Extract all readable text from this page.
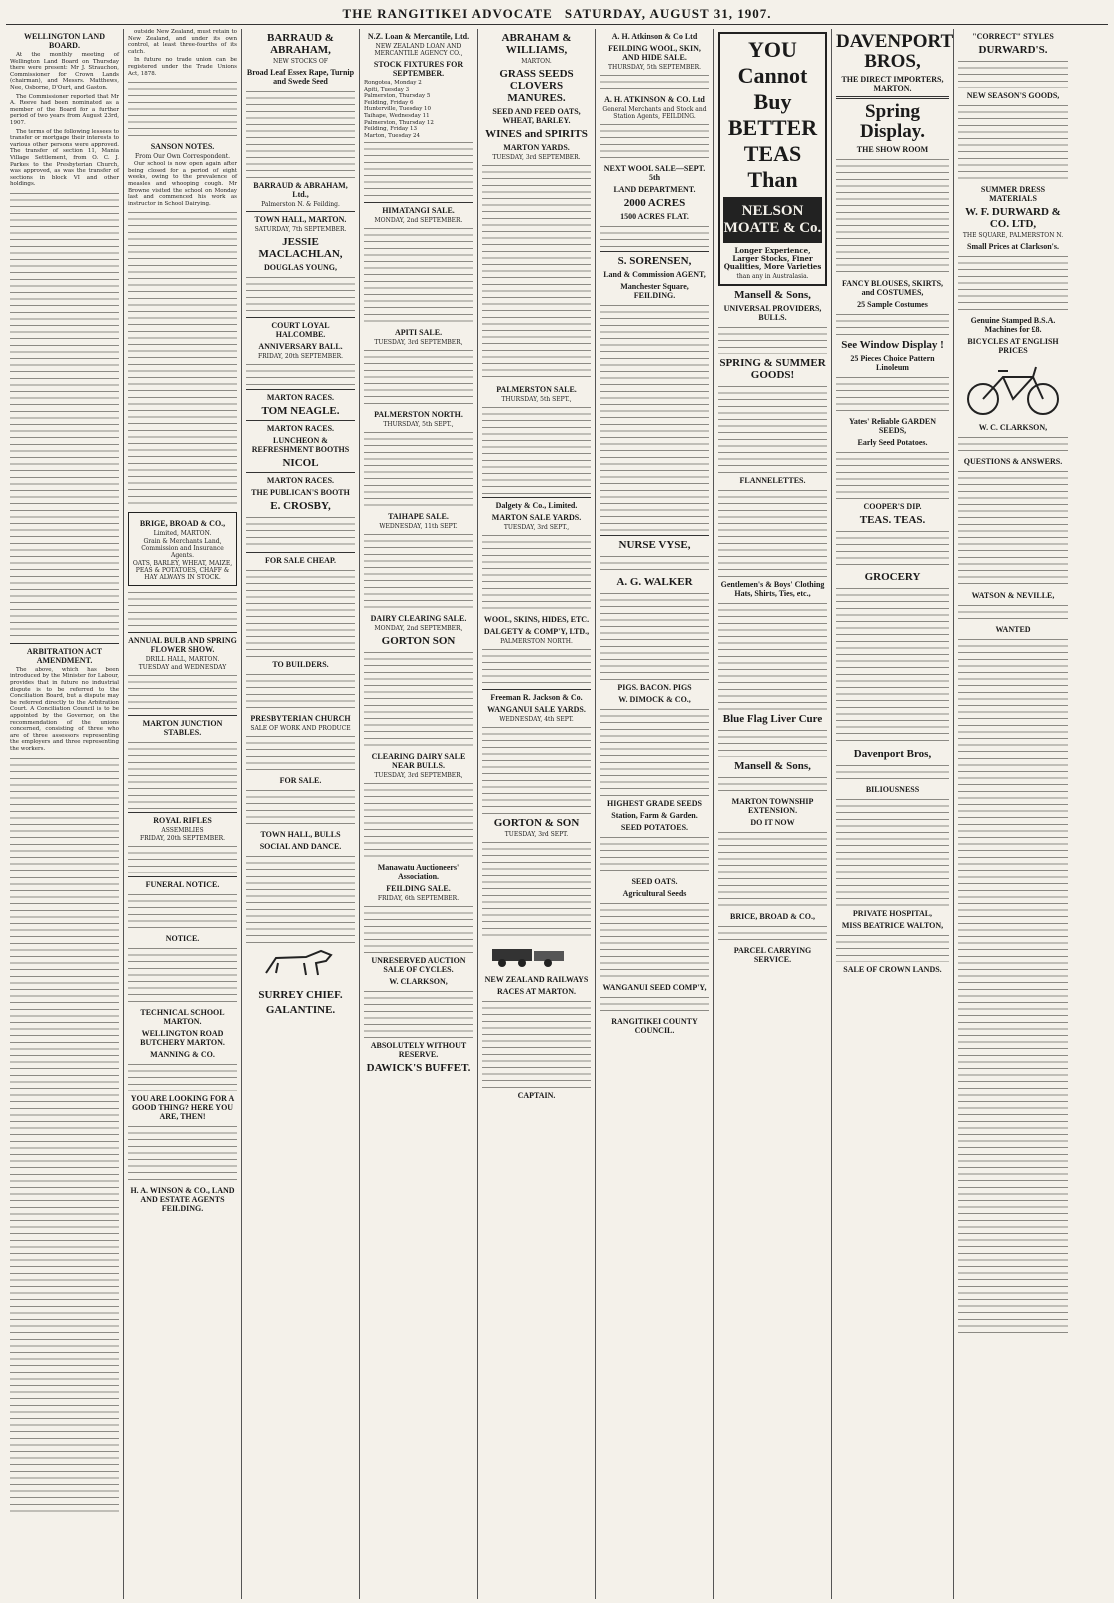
THE RANGITIKEI ADVOCATE SATURDAY, AUGUST 31, 1907.
WELLINGTON LAND BOARD.

At the monthly meeting of Wellington Land Board on Thursday there were present: Mr J. Strauchon, Commissioner for Crown Lands (chairman), and Messrs. Matthews, Nee, Osborne, D'Ourt, and Gaston.

The Commissioner reported that Mr A. Reeve had been nominated as a member of the Board for a further period of two years from August 23rd, 1907.

The terms of the following lessees to transfer or mortgage their interests to various other persons were approved. The transfer of section 11, Mania Village Settlement, from O. C. J. Parkes to the Presbyterian Church, was approved, as was the transfer of sections in block VI and other holdings.

ARBITRATION ACT AMENDMENT.

The above, which has been introduced by the Minister for Labour, provides that in future no industrial dispute is to be referred to the Conciliation Board, but a dispute may be referred directly to the Arbitration Court. A Conciliation Council is to be appointed by the Governor, on the recommendation of the unions concerned, consisting of three who are of three assessors representing the employers and three representing the workers.

outside New Zealand, must retain to New Zealand, and under its own control, at least three-fourths of its catch.

In future no trade union can be registered under the Trade Unions Act, 1878.

SANSON NOTES.
From Our Own Correspondent.

Our school is now open again after being closed for a period of eight weeks, owing to the prevalence of measles and whooping cough. Mr Browne visited the school on Monday last and commenced his work as instructor in School Dairying.

BRIGE, BROAD & CO.,
Limited, MARTON.
Grain & Merchants Land, Commission and Insurance Agents.
OATS, BARLEY, WHEAT, MAIZE, PEAS & POTATOES, CHAFF & HAY ALWAYS IN STOCK.
ANNUAL BULB AND SPRING FLOWER SHOW.
DRILL HALL, MARTON.
TUESDAY and WEDNESDAY
MARTON JUNCTION STABLES.
ROYAL RIFLES
ASSEMBLIES
FRIDAY, 20th SEPTEMBER.
FUNERAL NOTICE.
NOTICE.
TECHNICAL SCHOOL MARTON.
WELLINGTON ROAD BUTCHERY MARTON.
MANNING & CO.
YOU ARE LOOKING FOR A GOOD THING? HERE YOU ARE, THEN!
H. A. WINSON & CO., LAND AND ESTATE AGENTS FEILDING.
BARRAUD & ABRAHAM,
NEW STOCKS OF
Broad Leaf Essex Rape, Turnip and Swede Seed
BARRAUD & ABRAHAM, Ltd.,
Palmerston N. & Feilding.
TOWN HALL, MARTON.
SATURDAY, 7th SEPTEMBER.
JESSIE MACLACHLAN,
DOUGLAS YOUNG,
COURT LOYAL HALCOMBE.
ANNIVERSARY BALL.
FRIDAY, 20th SEPTEMBER.
MARTON RACES.
TOM NEAGLE.
MARTON RACES.
LUNCHEON & REFRESHMENT BOOTHS
NICOL
MARTON RACES.
THE PUBLICAN'S BOOTH
E. CROSBY,
FOR SALE CHEAP.
TO BUILDERS.
PRESBYTERIAN CHURCH
SALE OF WORK AND PRODUCE
FOR SALE.
TOWN HALL, BULLS
SOCIAL AND DANCE.
SURREY CHIEF.
GALANTINE.
N.Z. Loan & Mercantile, Ltd.
NEW ZEALAND LOAN AND MERCANTILE AGENCY CO.,
STOCK FIXTURES FOR SEPTEMBER.
Rongotea, Monday 2
Apiti, Tuesday 3
Palmerston, Thursday 5
Feilding, Friday 6
Hunterville, Tuesday 10
Taihape, Wednesday 11
Palmerston, Thursday 12
Feilding, Friday 13
Marton, Tuesday 24
HIMATANGI SALE.
MONDAY, 2nd SEPTEMBER.
APITI SALE.
TUESDAY, 3rd SEPTEMBER,
PALMERSTON NORTH.
THURSDAY, 5th SEPT.,
TAIHAPE SALE.
WEDNESDAY, 11th SEPT.
DAIRY CLEARING SALE.
MONDAY, 2nd SEPTEMBER,
GORTON SON
CLEARING DAIRY SALE NEAR BULLS.
TUESDAY, 3rd SEPTEMBER,
Manawatu Auctioneers' Association.
FEILDING SALE.
FRIDAY, 6th SEPTEMBER.
UNRESERVED AUCTION SALE OF CYCLES.
W. CLARKSON,
ABSOLUTELY WITHOUT RESERVE.
DAWICK'S BUFFET.
ABRAHAM & WILLIAMS,
MARTON.
GRASS SEEDS CLOVERS MANURES.
SEED AND FEED OATS, WHEAT, BARLEY.
WINES and SPIRITS
MARTON YARDS.
TUESDAY, 3rd SEPTEMBER.
PALMERSTON SALE.
THURSDAY, 5th SEPT.,
Dalgety & Co., Limited.
MARTON SALE YARDS.
TUESDAY, 3rd SEPT.,
WOOL, SKINS, HIDES, ETC.
DALGETY & COMP'Y, LTD.,
PALMERSTON NORTH.
Freeman R. Jackson & Co.
WANGANUI SALE YARDS.
WEDNESDAY, 4th SEPT.
GORTON & SON
TUESDAY, 3rd SEPT.
NEW ZEALAND RAILWAYS
RACES AT MARTON.
CAPTAIN.
A. H. Atkinson & Co Ltd
FEILDING WOOL, SKIN, AND HIDE SALE.
THURSDAY, 5th SEPTEMBER.
A. H. ATKINSON & CO. Ltd
General Merchants and Stock and Station Agents, FEILDING.
NEXT WOOL SALE—SEPT. 5th
LAND DEPARTMENT.
2000 ACRES
1500 ACRES FLAT.
S. SORENSEN,
Land & Commission AGENT,
Manchester Square, FEILDING.
NURSE VYSE,
A. G. WALKER
PIGS. BACON. PIGS
W. DIMOCK & CO.,
HIGHEST GRADE SEEDS
Station, Farm & Garden.
SEED POTATOES.
SEED OATS.
Agricultural Seeds
WANGANUI SEED COMP'Y,
RANGITIKEI COUNTY COUNCIL.
YOU
Cannot
Buy
BETTER
TEAS
Than
NELSON MOATE & Co.
Longer Experience, Larger Stocks, Finer Qualities, More Varieties
than any in Australasia.
Mansell & Sons,
UNIVERSAL PROVIDERS, BULLS.
SPRING & SUMMER GOODS!
FLANNELETTES.
Gentlemen's & Boys' Clothing Hats, Shirts, Ties, etc.,
Blue Flag Liver Cure
Mansell & Sons,
MARTON TOWNSHIP EXTENSION.
DO IT NOW
BRICE, BROAD & CO.,
PARCEL CARRYING SERVICE.
DAVENPORT BROS,
THE DIRECT IMPORTERS, MARTON.
Spring Display.
THE SHOW ROOM
FANCY BLOUSES, SKIRTS, and COSTUMES,
25 Sample Costumes
See Window Display !
25 Pieces Choice Pattern Linoleum
Yates' Reliable GARDEN SEEDS,
Early Seed Potatoes.
COOPER'S DIP.
TEAS. TEAS.
GROCERY
Davenport Bros,
BILIOUSNESS
PRIVATE HOSPITAL,
MISS BEATRICE WALTON,
SALE OF CROWN LANDS.
"CORRECT" STYLES
DURWARD'S.
NEW SEASON'S GOODS,
SUMMER DRESS MATERIALS
W. F. DURWARD & CO. LTD,
THE SQUARE, PALMERSTON N.
Small Prices at Clarkson's.
Genuine Stamped B.S.A. Machines for £8.
BICYCLES AT ENGLISH PRICES
W. C. CLARKSON,
QUESTIONS & ANSWERS.
WATSON & NEVILLE,
WANTED
